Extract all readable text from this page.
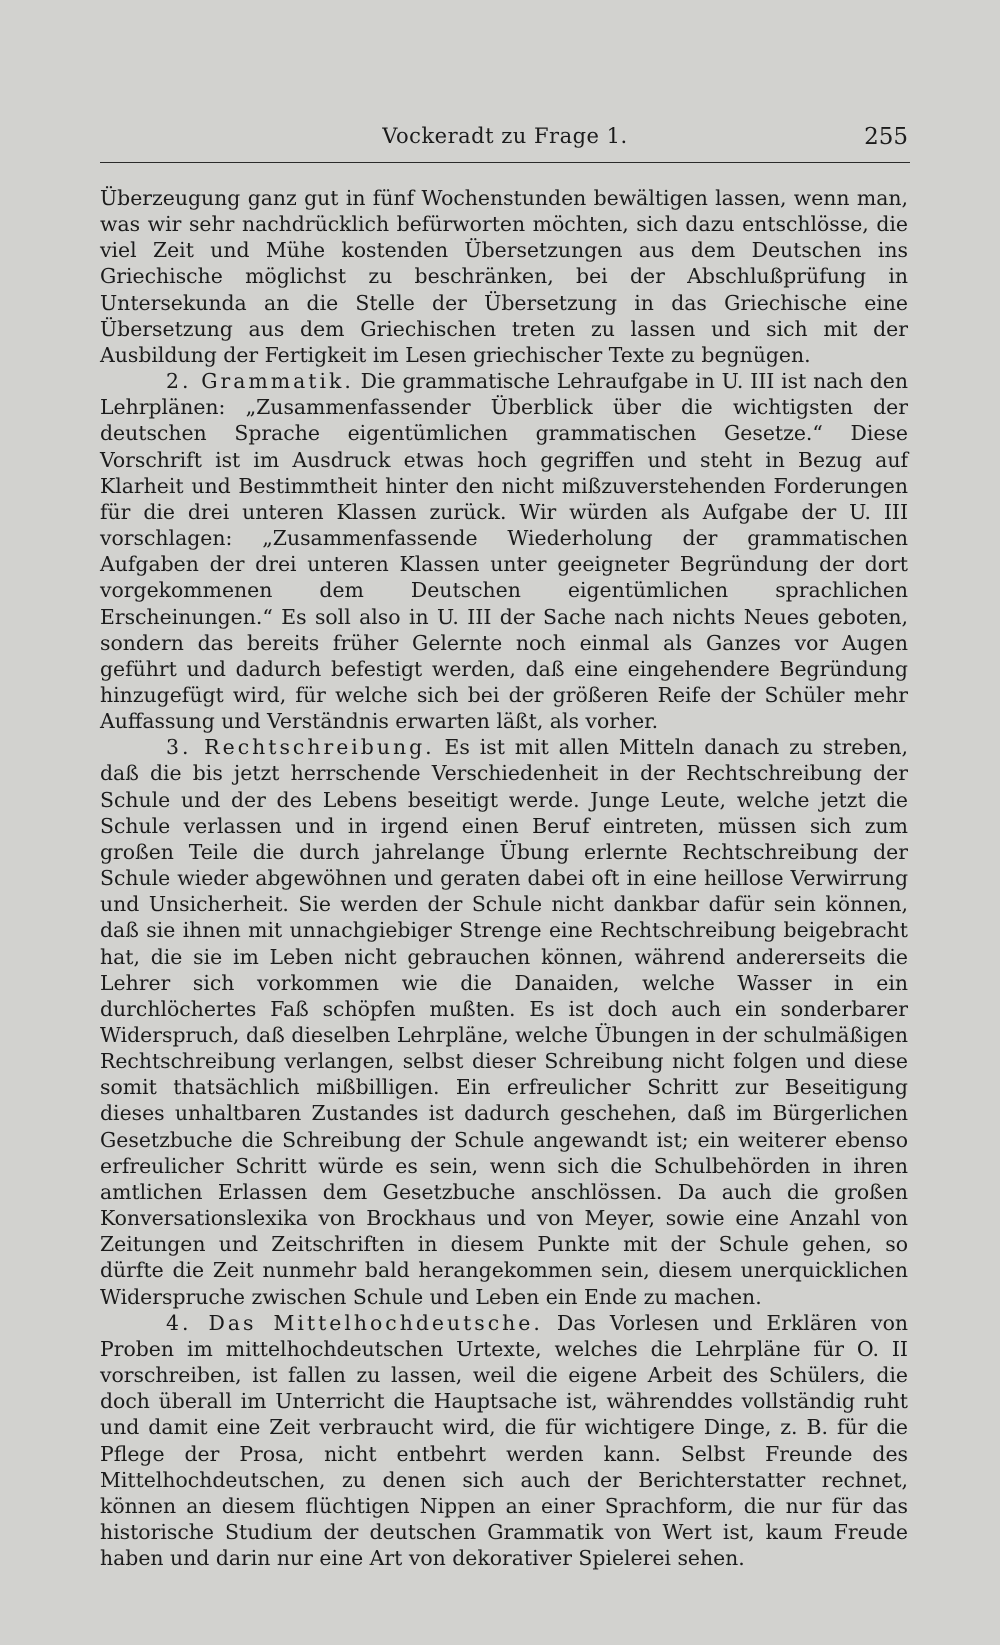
Vockeradt zu Frage 1.	255

Überzeugung ganz gut in fünf Wochenstunden bewältigen lassen, wenn man, was wir sehr nachdrücklich befürworten möchten, sich dazu entschlösse, die viel Zeit und Mühe kostenden Übersetzungen aus dem Deutschen ins Griechische möglichst zu beschränken, bei der Abschlußprüfung in Untersekunda an die Stelle der Übersetzung in das Griechische eine Übersetzung aus dem Griechischen treten zu lassen und sich mit der Ausbildung der Fertigkeit im Lesen griechischer Texte zu begnügen.

2. Grammatik. Die grammatische Lehraufgabe in U. III ist nach den Lehrplänen: „Zusammenfassender Überblick über die wichtigsten der deutschen Sprache eigentümlichen grammatischen Gesetze.“ Diese Vorschrift ist im Ausdruck etwas hoch gegriffen und steht in Bezug auf Klarheit und Bestimmtheit hinter den nicht mißzuverstehenden Forderungen für die drei unteren Klassen zurück. Wir würden als Aufgabe der U. III vorschlagen: „Zusammenfassende Wiederholung der grammatischen Aufgaben der drei unteren Klassen unter geeigneter Begründung der dort vorgekommenen dem Deutschen eigentümlichen sprachlichen Erscheinungen.“ Es soll also in U. III der Sache nach nichts Neues geboten, sondern das bereits früher Gelernte noch einmal als Ganzes vor Augen geführt und dadurch befestigt werden, daß eine eingehendere Begründung hinzugefügt wird, für welche sich bei der größeren Reife der Schüler mehr Auffassung und Verständnis erwarten läßt, als vorher.

3. Rechtschreibung. Es ist mit allen Mitteln danach zu streben, daß die bis jetzt herrschende Verschiedenheit in der Rechtschreibung der Schule und der des Lebens beseitigt werde. Junge Leute, welche jetzt die Schule verlassen und in irgend einen Beruf eintreten, müssen sich zum großen Teile die durch jahrelange Übung erlernte Rechtschreibung der Schule wieder abgewöhnen und geraten dabei oft in eine heillose Verwirrung und Unsicherheit. Sie werden der Schule nicht dankbar dafür sein können, daß sie ihnen mit unnachgiebiger Strenge eine Rechtschreibung beigebracht hat, die sie im Leben nicht gebrauchen können, während andererseits die Lehrer sich vorkommen wie die Danaiden, welche Wasser in ein durchlöchertes Faß schöpfen mußten. Es ist doch auch ein sonderbarer Widerspruch, daß dieselben Lehrpläne, welche Übungen in der schulmäßigen Rechtschreibung verlangen, selbst dieser Schreibung nicht folgen und diese somit thatsächlich mißbilligen. Ein erfreulicher Schritt zur Beseitigung dieses unhaltbaren Zustandes ist dadurch geschehen, daß im Bürgerlichen Gesetzbuche die Schreibung der Schule angewandt ist; ein weiterer ebenso erfreulicher Schritt würde es sein, wenn sich die Schulbehörden in ihren amtlichen Erlassen dem Gesetzbuche anschlössen. Da auch die großen Konversationslexika von Brockhaus und von Meyer, sowie eine Anzahl von Zeitungen und Zeitschriften in diesem Punkte mit der Schule gehen, so dürfte die Zeit nunmehr bald herangekommen sein, diesem unerquicklichen Widerspruche zwischen Schule und Leben ein Ende zu machen.

4. Das Mittelhochdeutsche. Das Vorlesen und Erklären von Proben im mittelhochdeutschen Urtexte, welches die Lehrpläne für O. II vorschreiben, ist fallen zu lassen, weil die eigene Arbeit des Schülers, die doch überall im Unterricht die Hauptsache ist, währenddes vollständig ruht und damit eine Zeit verbraucht wird, die für wichtigere Dinge, z. B. für die Pflege der Prosa, nicht entbehrt werden kann. Selbst Freunde des Mittelhochdeutschen, zu denen sich auch der Berichterstatter rechnet, können an diesem flüchtigen Nippen an einer Sprachform, die nur für das historische Studium der deutschen Grammatik von Wert ist, kaum Freude haben und darin nur eine Art von dekorativer Spielerei sehen.
